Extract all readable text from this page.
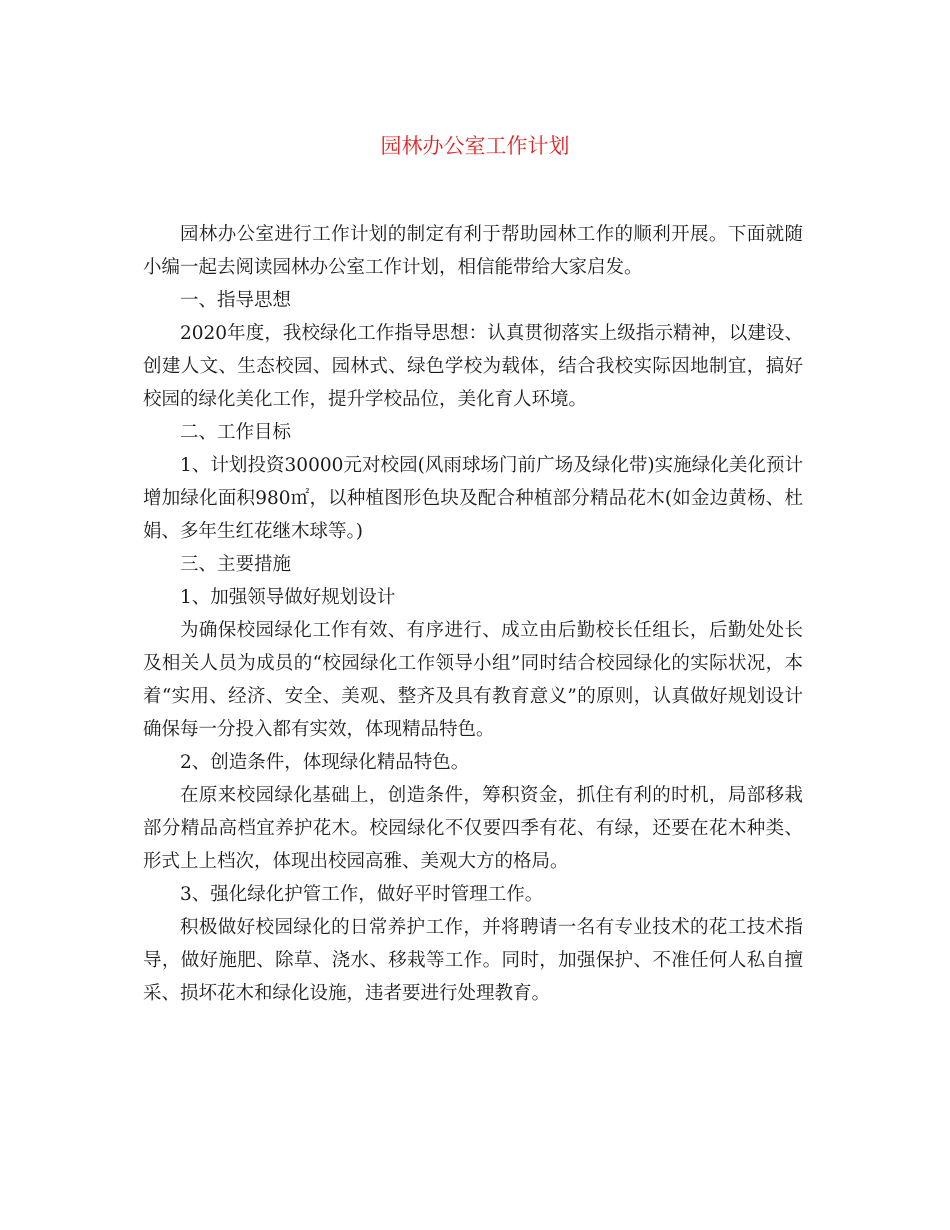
园林办公室工作计划

园林办公室进行工作计划的制定有利于帮助园林工作的顺利开展。下面就随小编一起去阅读园林办公室工作计划，相信能带给大家启发。

一、指导思想

2020年度，我校绿化工作指导思想：认真贯彻落实上级指示精神，以建设、创建人文、生态校园、园林式、绿色学校为载体，结合我校实际因地制宜，搞好校园的绿化美化工作，提升学校品位，美化育人环境。

二、工作目标

1、计划投资30000元对校园(风雨球场门前广场及绿化带)实施绿化美化预计增加绿化面积980㎡，以种植图形色块及配合种植部分精品花木(如金边黄杨、杜娟、多年生红花继木球等。)

三、主要措施

1、加强领导做好规划设计

为确保校园绿化工作有效、有序进行、成立由后勤校长任组长，后勤处处长及相关人员为成员的“校园绿化工作领导小组”同时结合校园绿化的实际状况，本着“实用、经济、安全、美观、整齐及具有教育意义”的原则，认真做好规划设计确保每一分投入都有实效，体现精品特色。

2、创造条件，体现绿化精品特色。

在原来校园绿化基础上，创造条件，筹积资金，抓住有利的时机，局部移栽部分精品高档宜养护花木。校园绿化不仅要四季有花、有绿，还要在花木种类、形式上上档次，体现出校园高雅、美观大方的格局。

3、强化绿化护管工作，做好平时管理工作。

积极做好校园绿化的日常养护工作，并将聘请一名有专业技术的花工技术指导，做好施肥、除草、浇水、移栽等工作。同时，加强保护、不准任何人私自擅采、损坏花木和绿化设施，违者要进行处理教育。
